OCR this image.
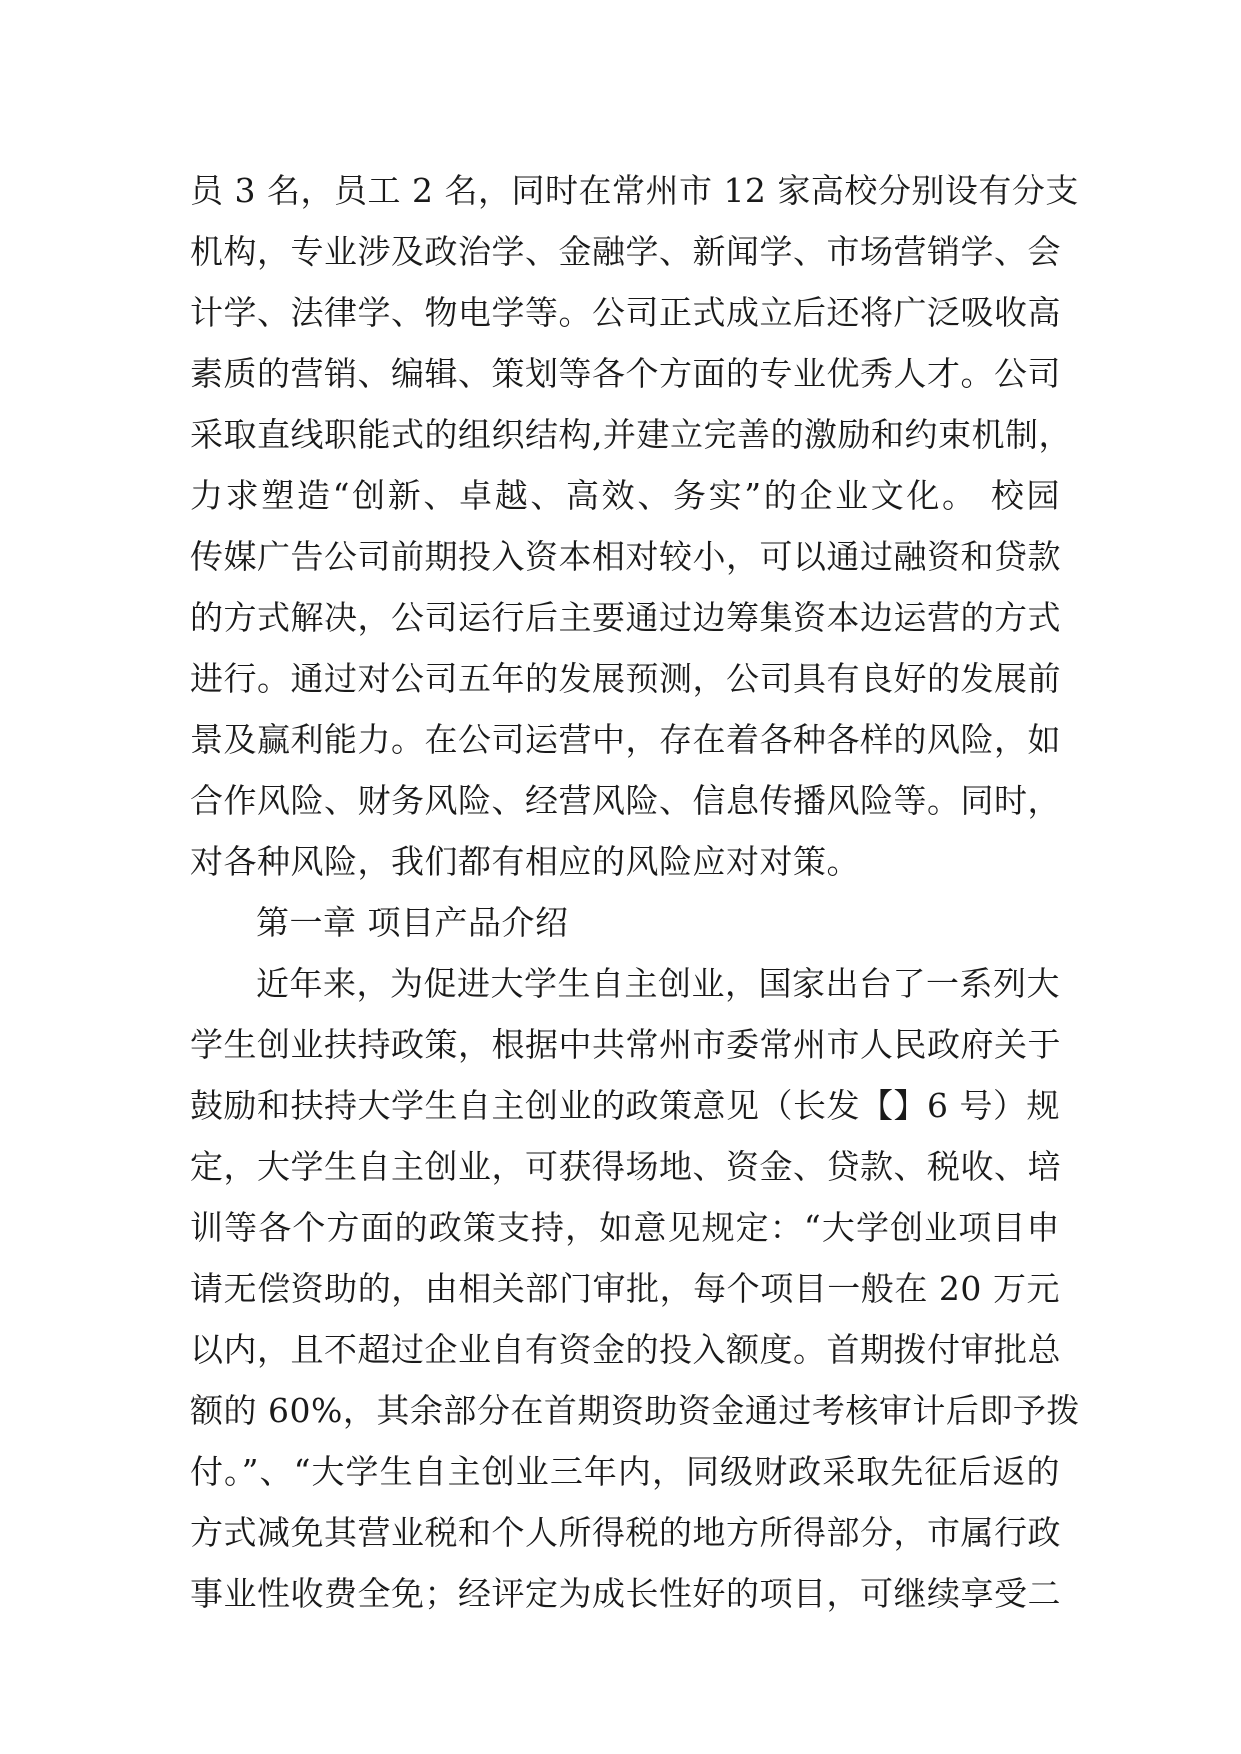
员 3 名，员工 2 名，同时在常州市 12 家高校分别设有分支
机构，专业涉及政治学、金融学、新闻学、市场营销学、会
计学、法律学、物电学等。公司正式成立后还将广泛吸收高
素质的营销、编辑、策划等各个方面的专业优秀人才。公司
采取直线职能式的组织结构,并建立完善的激励和约束机制，
力求塑造“创新、卓越、高效、务实”的企业文化。 校园
传媒广告公司前期投入资本相对较小，可以通过融资和贷款
的方式解决，公司运行后主要通过边筹集资本边运营的方式
进行。通过对公司五年的发展预测，公司具有良好的发展前
景及赢利能力。在公司运营中，存在着各种各样的风险，如
合作风险、财务风险、经营风险、信息传播风险等。同时，
对各种风险，我们都有相应的风险应对对策。
第一章 项目产品介绍
近年来，为促进大学生自主创业，国家出台了一系列大
学生创业扶持政策，根据中共常州市委常州市人民政府关于
鼓励和扶持大学生自主创业的政策意见（长发【】6 号）规
定，大学生自主创业，可获得场地、资金、贷款、税收、培
训等各个方面的政策支持，如意见规定：“大学创业项目申
请无偿资助的，由相关部门审批，每个项目一般在 20 万元
以内，且不超过企业自有资金的投入额度。首期拨付审批总
额的 60%，其余部分在首期资助资金通过考核审计后即予拨
付。”、“大学生自主创业三年内，同级财政采取先征后返的
方式减免其营业税和个人所得税的地方所得部分，市属行政
事业性收费全免；经评定为成长性好的项目，可继续享受二
